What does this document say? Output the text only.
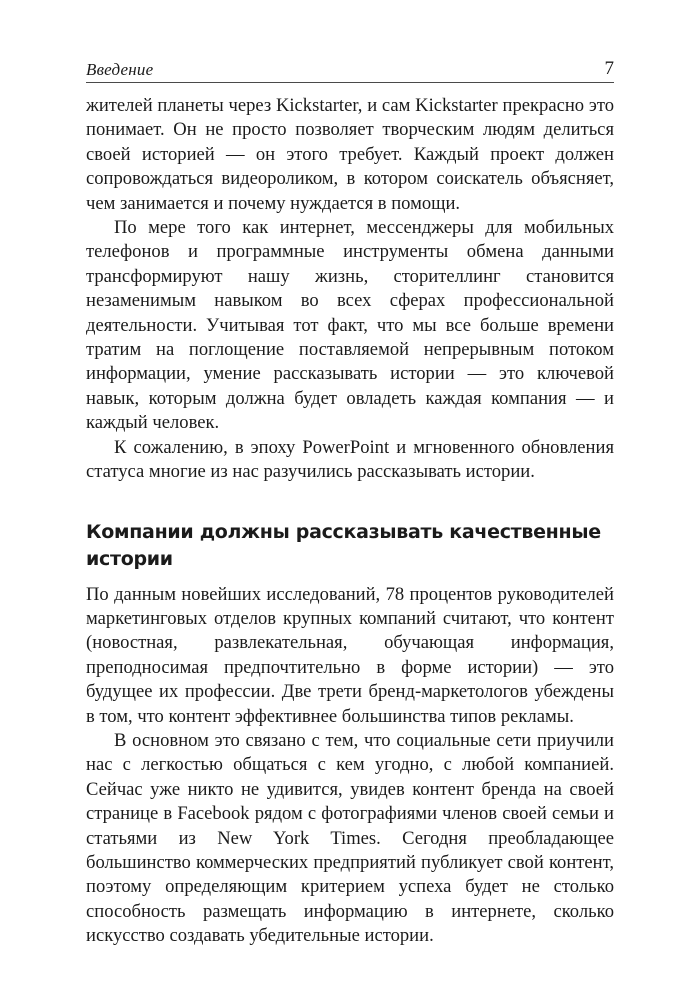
Введение	7

жителей планеты через Kickstarter, и сам Kickstarter прекрасно это понимает. Он не просто позволяет творческим людям делиться своей историей — он этого требует. Каждый проект должен сопровождаться видеороликом, в котором соискатель объясняет, чем занимается и почему нуждается в помощи.

По мере того как интернет, мессенджеры для мобильных телефонов и программные инструменты обмена данными трансформируют нашу жизнь, сторителлинг становится незаменимым навыком во всех сферах профессиональной деятельности. Учитывая тот факт, что мы все больше времени тратим на поглощение поставляемой непрерывным потоком информации, умение рассказывать истории — это ключевой навык, которым должна будет овладеть каждая компания — и каждый человек.

К сожалению, в эпоху PowerPoint и мгновенного обновления статуса многие из нас разучились рассказывать истории.

Компании должны рассказывать качественные истории

По данным новейших исследований, 78 процентов руководителей маркетинговых отделов крупных компаний считают, что контент (новостная, развлекательная, обучающая информация, преподносимая предпочтительно в форме истории) — это будущее их профессии. Две трети бренд-маркетологов убеждены в том, что контент эффективнее большинства типов рекламы.

В основном это связано с тем, что социальные сети приучили нас с легкостью общаться с кем угодно, с любой компанией. Сейчас уже никто не удивится, увидев контент бренда на своей странице в Facebook рядом с фотографиями членов своей семьи и статьями из New York Times. Сегодня преобладающее большинство коммерческих предприятий публикует свой контент, поэтому определяющим критерием успеха будет не столько способность размещать информацию в интернете, сколько искусство создавать убедительные истории.
